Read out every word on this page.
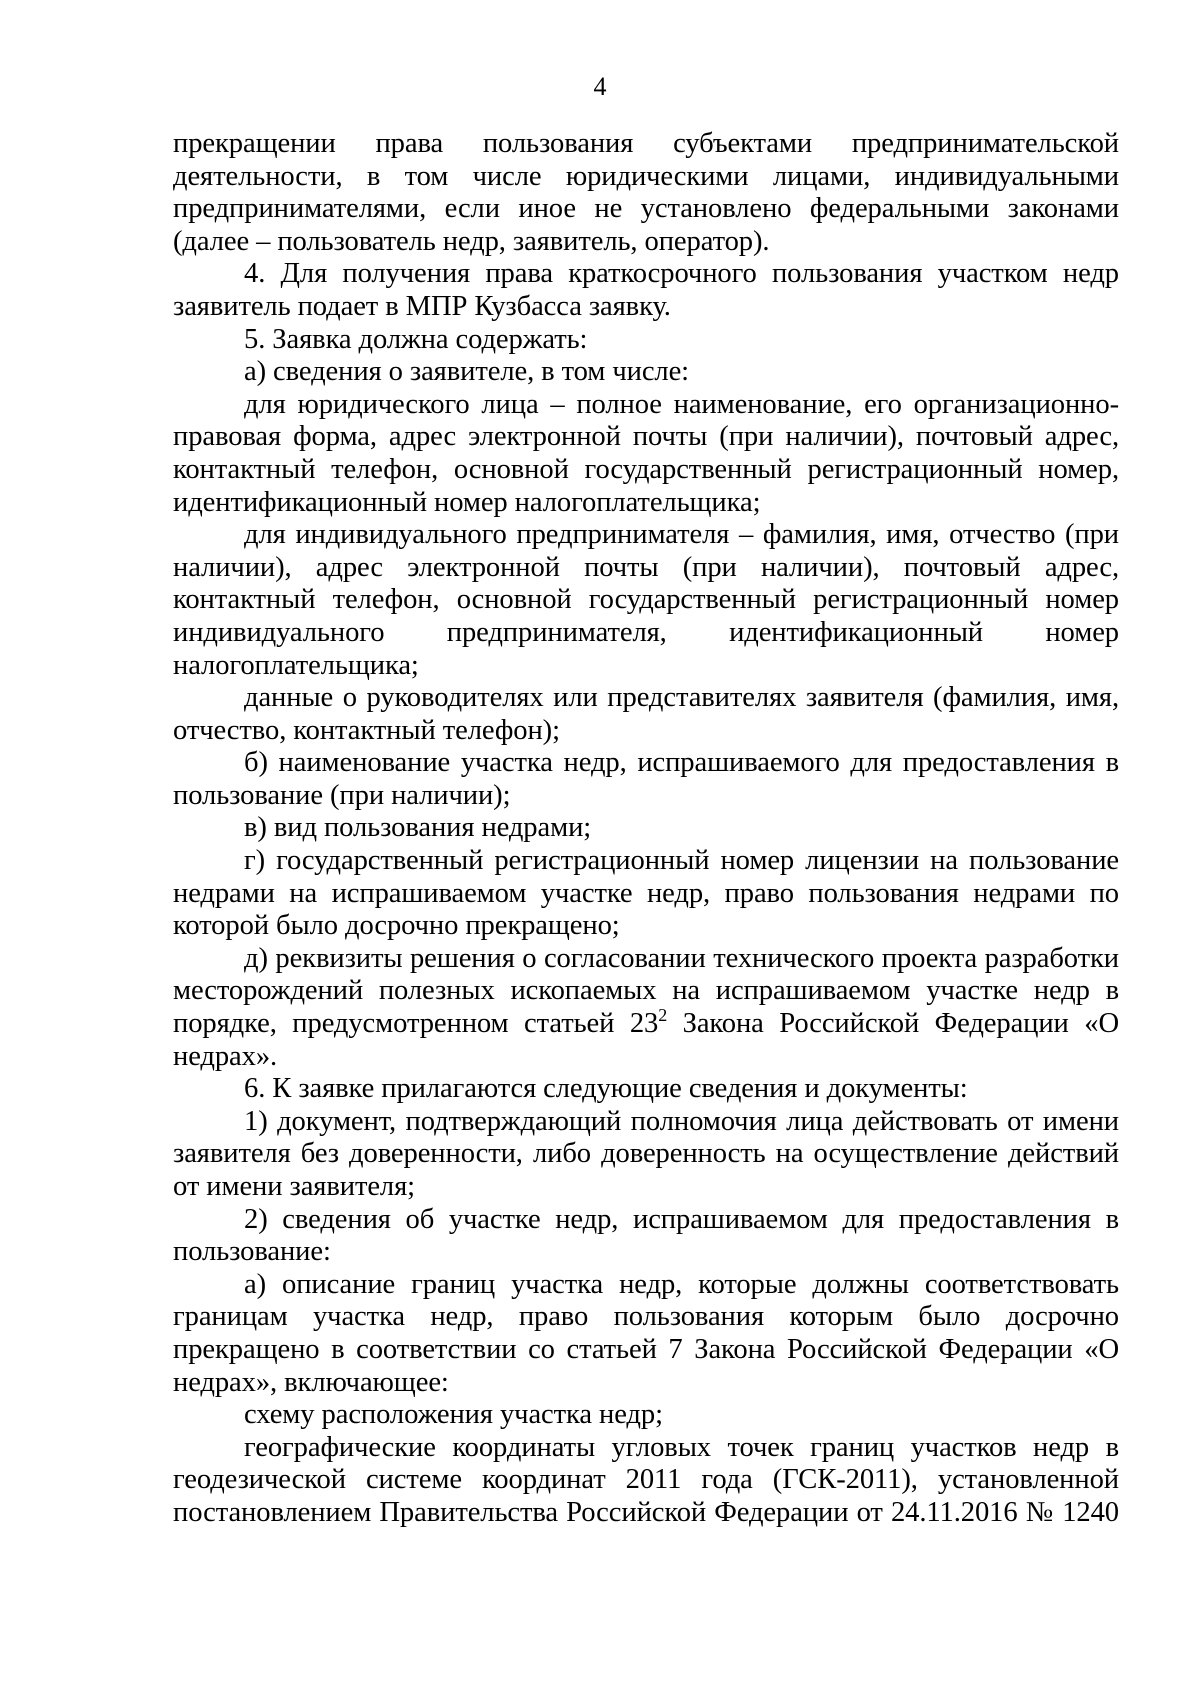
4

прекращении права пользования субъектами предпринимательской деятельности, в том числе юридическими лицами, индивидуальными предпринимателями, если иное не установлено федеральными законами (далее – пользователь недр, заявитель, оператор).

4. Для получения права краткосрочного пользования участком недр заявитель подает в МПР Кузбасса заявку.

5. Заявка должна содержать:

а) сведения о заявителе, в том числе:

для юридического лица – полное наименование, его организационно-правовая форма, адрес электронной почты (при наличии), почтовый адрес, контактный телефон, основной государственный регистрационный номер, идентификационный номер налогоплательщика;

для индивидуального предпринимателя – фамилия, имя, отчество (при наличии), адрес электронной почты (при наличии), почтовый адрес, контактный телефон, основной государственный регистрационный номер индивидуального предпринимателя, идентификационный номер налогоплательщика;

данные о руководителях или представителях заявителя (фамилия, имя, отчество, контактный телефон);

б) наименование участка недр, испрашиваемого для предоставления в пользование (при наличии);

в) вид пользования недрами;

г) государственный регистрационный номер лицензии на пользование недрами на испрашиваемом участке недр, право пользования недрами по которой было досрочно прекращено;

д) реквизиты решения о согласовании технического проекта разработки месторождений полезных ископаемых на испрашиваемом участке недр в порядке, предусмотренном статьей $23^2$ Закона Российской Федерации «О недрах».

6. К заявке прилагаются следующие сведения и документы:

1) документ, подтверждающий полномочия лица действовать от имени заявителя без доверенности, либо доверенность на осуществление действий от имени заявителя;

2) сведения об участке недр, испрашиваемом для предоставления в пользование:

а) описание границ участка недр, которые должны соответствовать границам участка недр, право пользования которым было досрочно прекращено в соответствии со статьей 7 Закона Российской Федерации «О недрах», включающее:

схему расположения участка недр;

географические координаты угловых точек границ участков недр в геодезической системе координат 2011 года (ГСК-2011), установленной постановлением Правительства Российской Федерации от 24.11.2016 № 1240
